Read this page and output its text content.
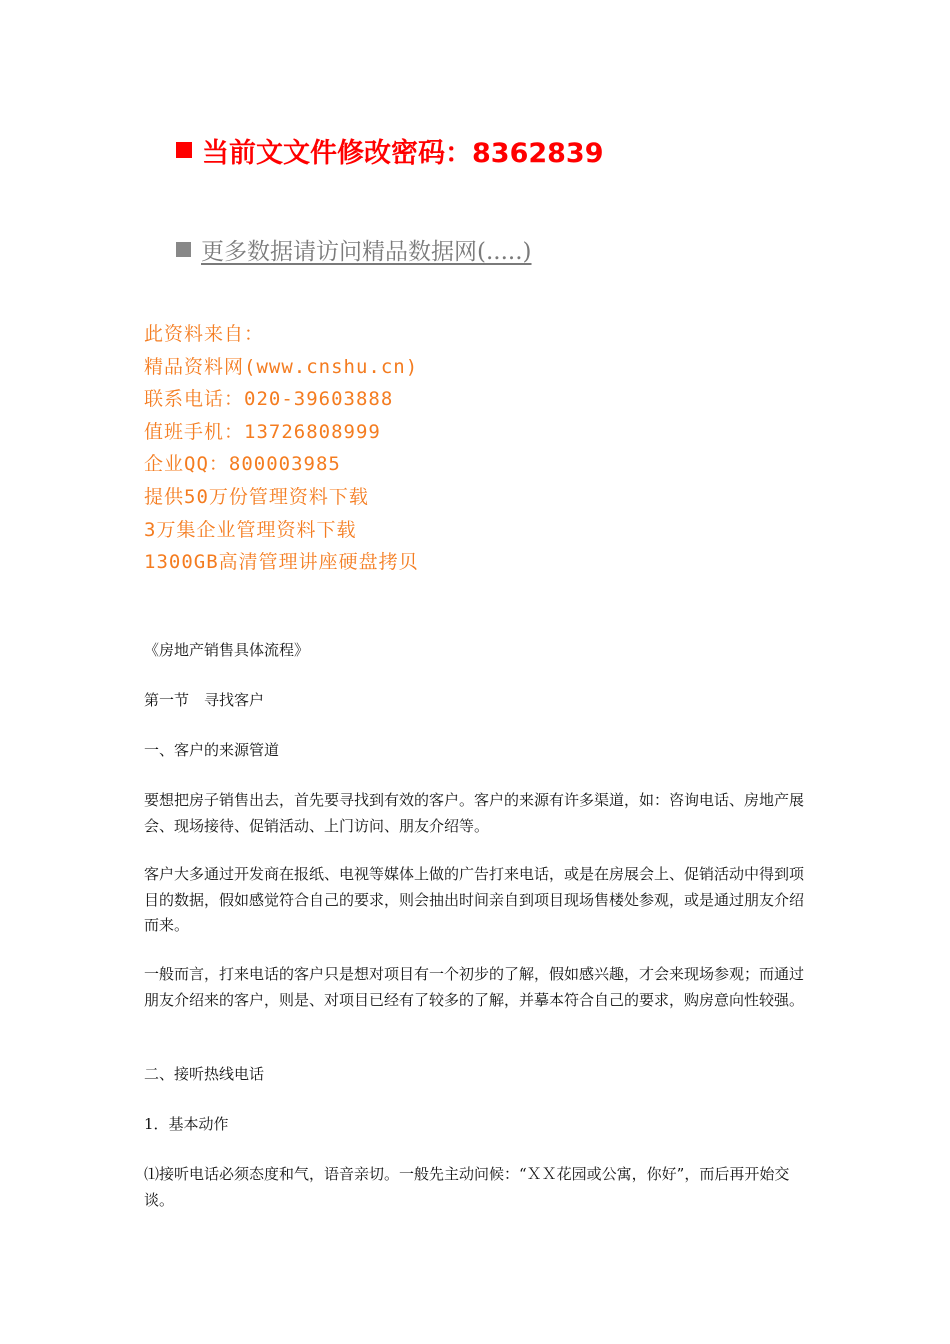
当前文文件修改密码：8362839
更多数据请访问精品数据网(.....)
此资料来自：
精品资料网(www.cnshu.cn)
联系电话：020-39603888
值班手机：13726808999
企业QQ：800003985
提供50万份管理资料下载
3万集企业管理资料下载
1300GB高清管理讲座硬盘拷贝
《房地产销售具体流程》
第一节　寻找客户
一、客户的来源管道
要想把房子销售出去，首先要寻找到有效的客户。客户的来源有许多渠道，如：咨询电话、房地产展会、现场接待、促销活动、上门访问、朋友介绍等。
客户大多通过开发商在报纸、电视等媒体上做的广告打来电话，或是在房展会上、促销活动中得到项目的数据，假如感觉符合自己的要求，则会抽出时间亲自到项目现场售楼处参观，或是通过朋友介绍而来。
一般而言，打来电话的客户只是想对项目有一个初步的了解，假如感兴趣，才会来现场参观；而通过朋友介绍来的客户，则是、对项目已经有了较多的了解，并摹本符合自己的要求，购房意向性较强。
二、接听热线电话
1．基本动作
⑴接听电话必须态度和气，语音亲切。一般先主动问候：“ＸＸ花园或公寓，你好”，而后再开始交谈。
